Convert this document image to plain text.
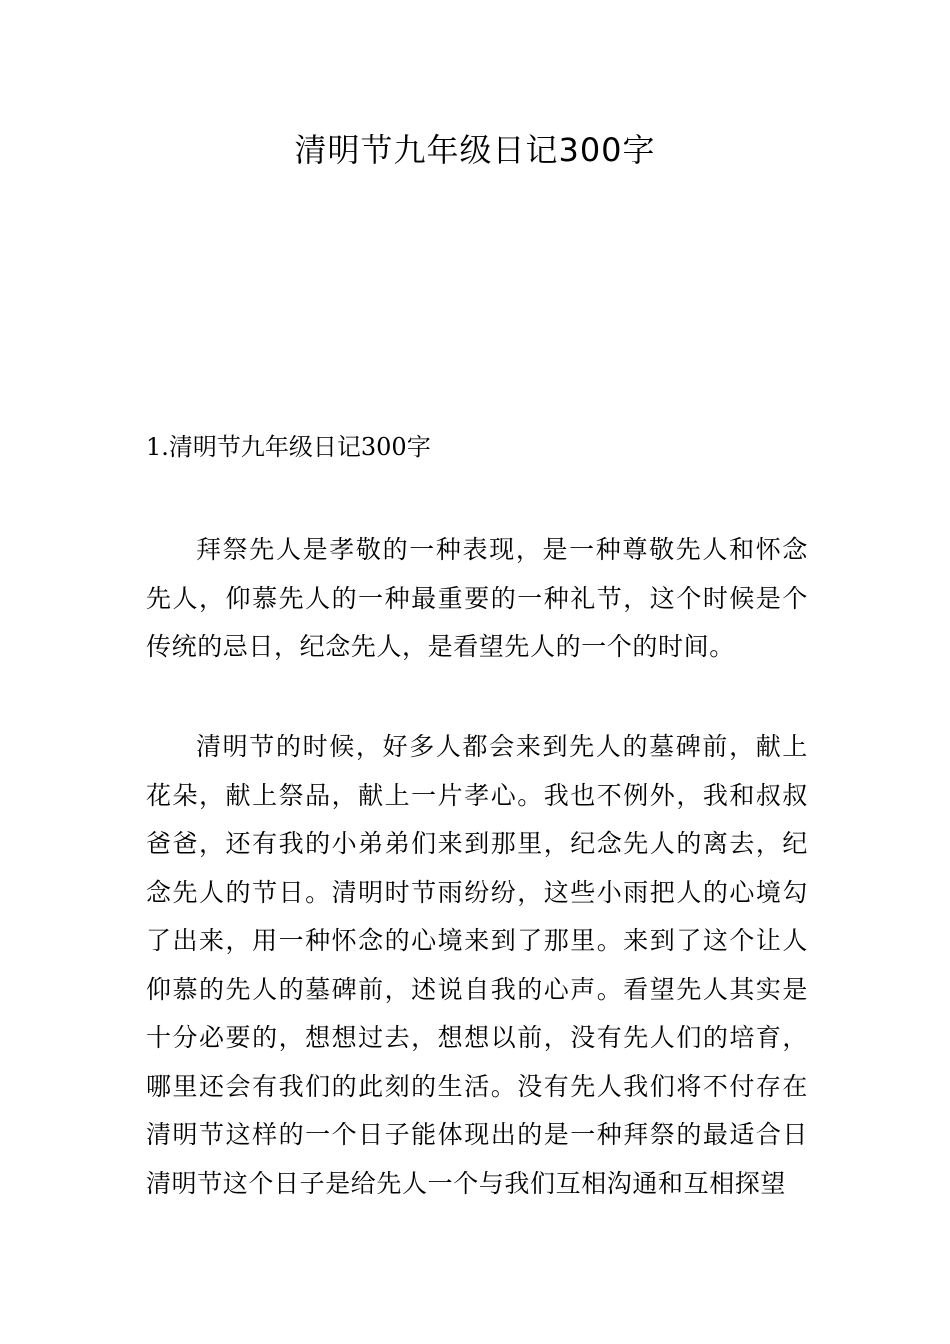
清明节九年级日记300字
1.清明节九年级日记300字

拜祭先人是孝敬的一种表现，是一种尊敬先人和怀念先人，仰慕先人的一种最重要的一种礼节，这个时候是个传统的忌日，纪念先人，是看望先人的一个的时间。

清明节的时候，好多人都会来到先人的墓碑前，献上花朵，献上祭品，献上一片孝心。我也不例外，我和叔叔爸爸，还有我的小弟弟们来到那里，纪念先人的离去，纪念先人的节日。清明时节雨纷纷，这些小雨把人的心境勾了出来，用一种怀念的心境来到了那里。来到了这个让人仰慕的先人的墓碑前，述说自我的心声。看望先人其实是十分必要的，想想过去，想想以前，没有先人们的培育，哪里还会有我们的此刻的生活。没有先人我们将不付存在清明节这样的一个日子能体现出的是一种拜祭的最适合日清明节这个日子是给先人一个与我们互相沟通和互相探望
